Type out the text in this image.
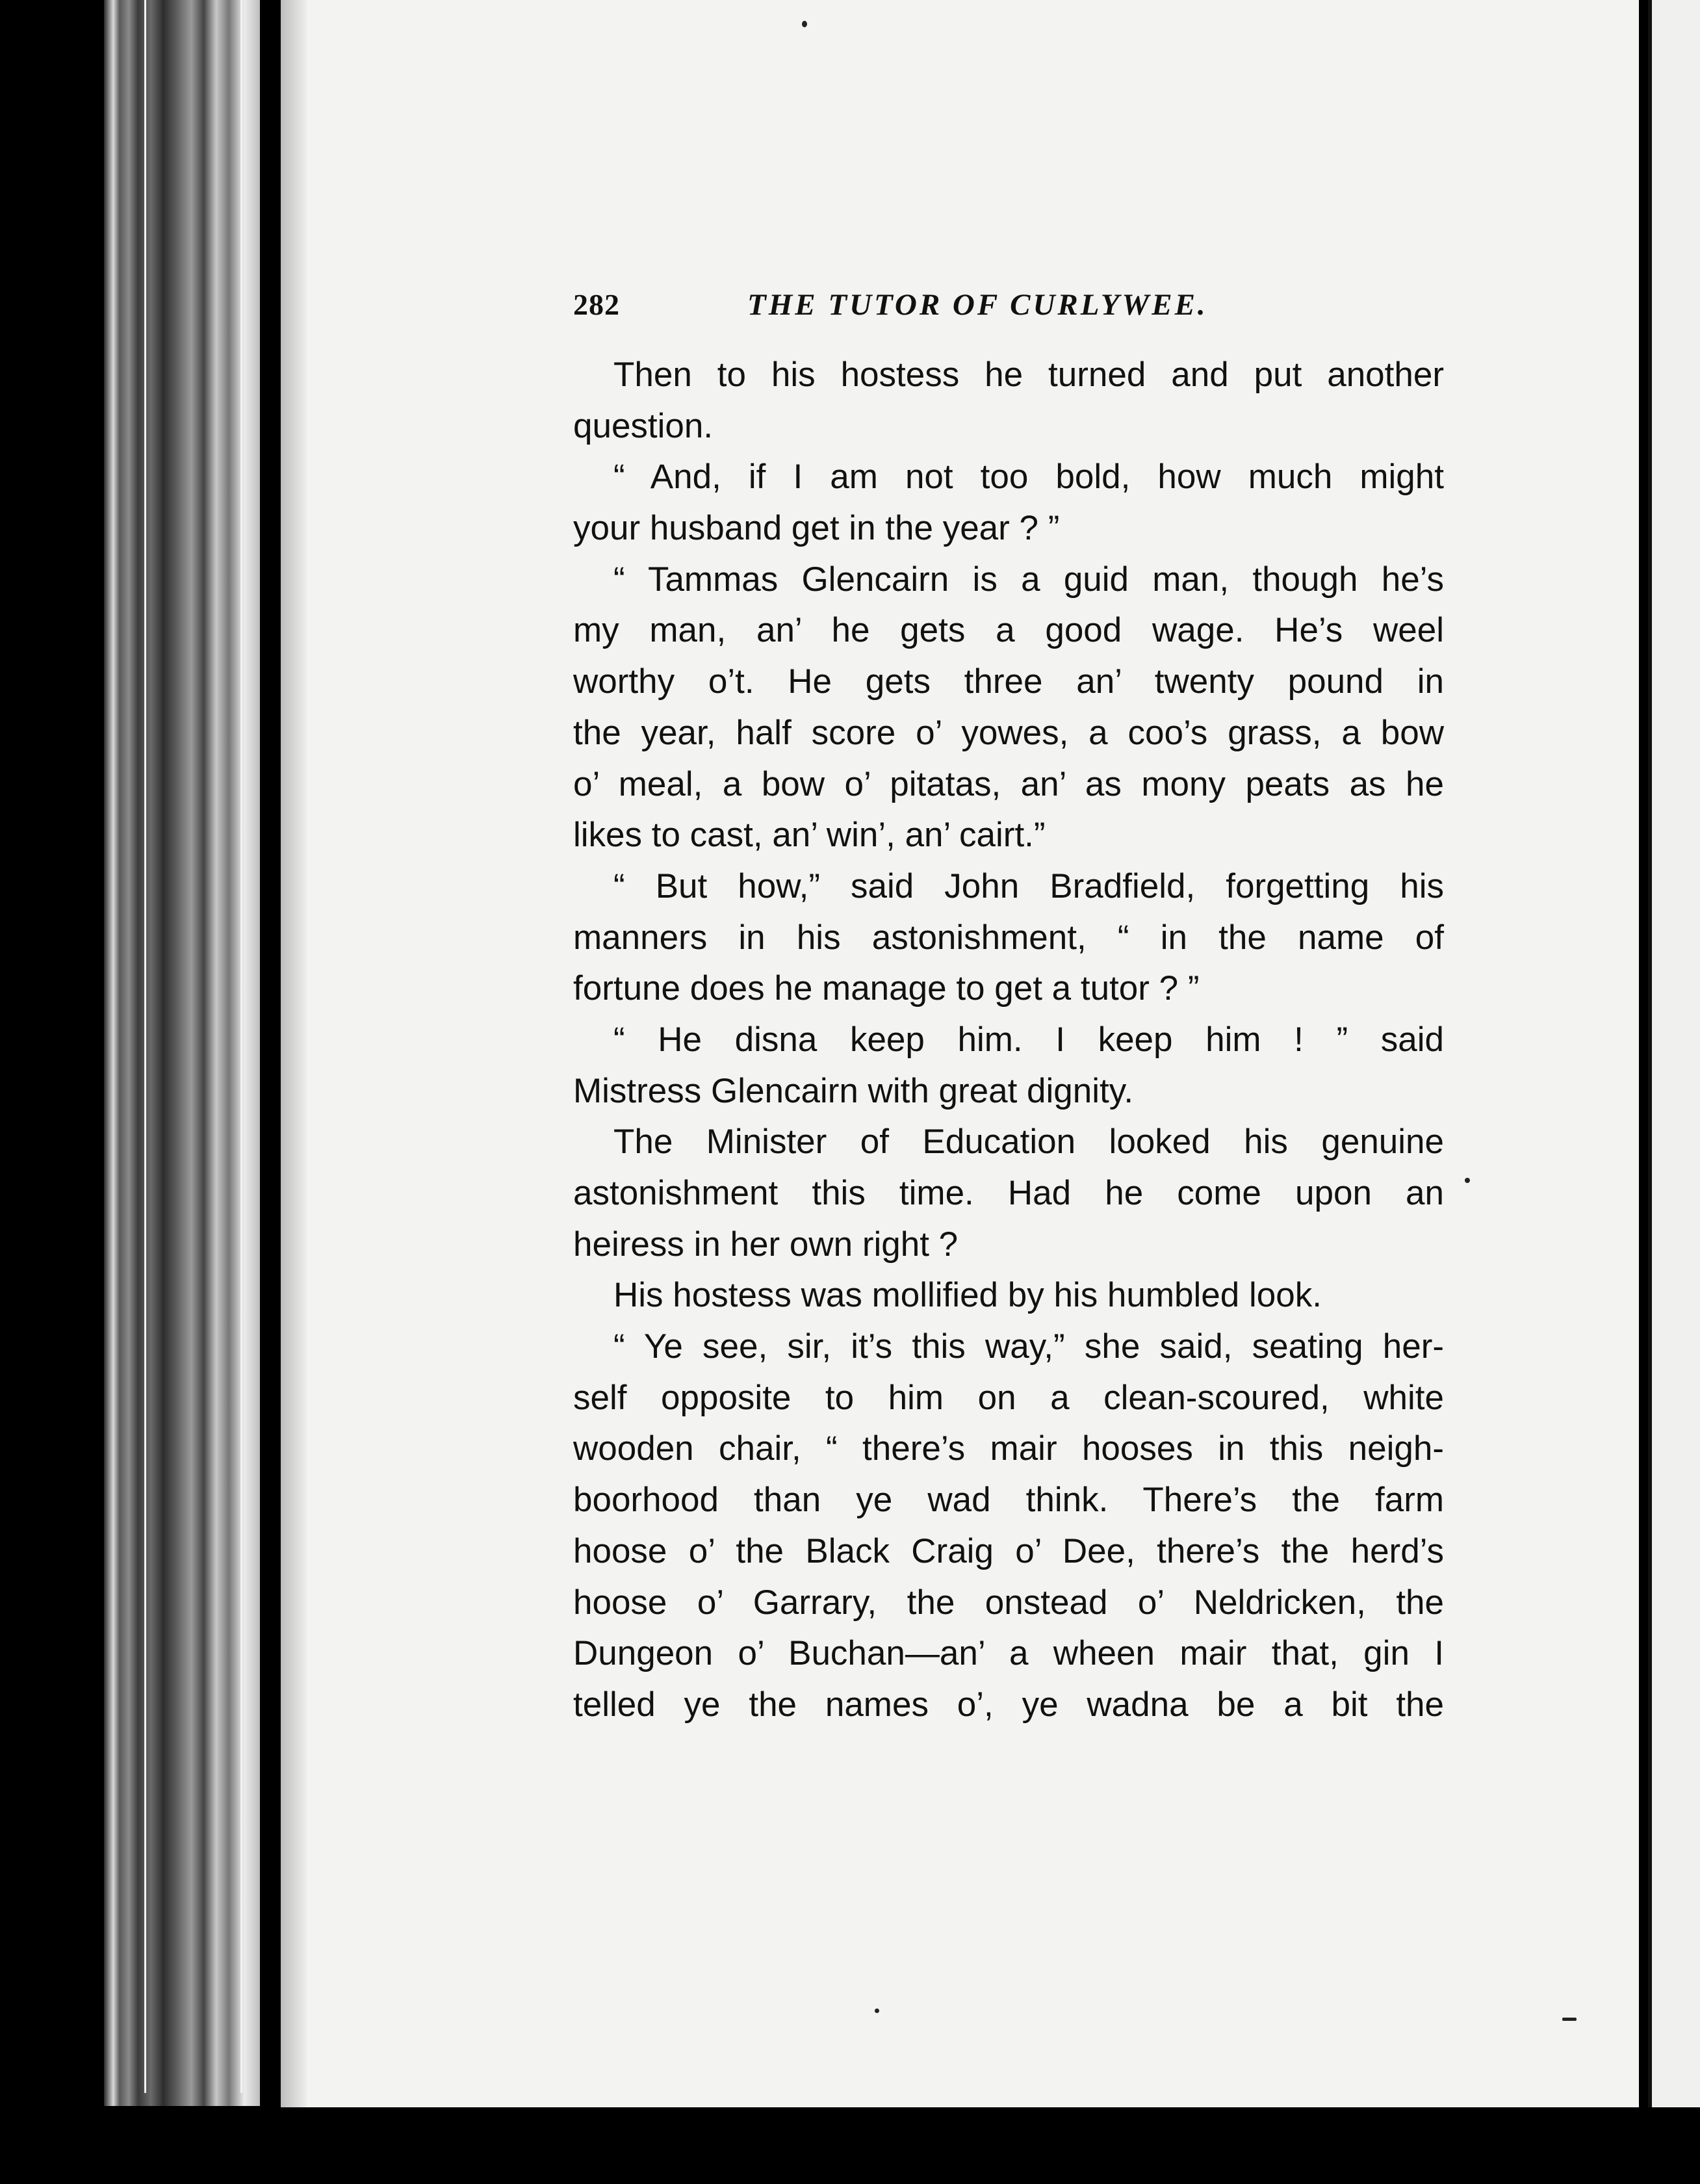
282	THE TUTOR OF CURLYWEE.
Then to his hostess he turned and put another
question.
“ And, if I am not too bold, how much might
your husband get in the year ? ”
“ Tammas Glencairn is a guid man, though he’s
my man, an’ he gets a good wage. He’s weel
worthy o’t. He gets three an’ twenty pound in
the year, half score o’ yowes, a coo’s grass, a bow
o’ meal, a bow o’ pitatas, an’ as mony peats as he
likes to cast, an’ win’, an’ cairt.”
“ But how,” said John Bradfield, forgetting his
manners in his astonishment, “ in the name of
fortune does he manage to get a tutor ? ”
“ He disna keep him. I keep him ! ” said
Mistress Glencairn with great dignity.
The Minister of Education looked his genuine
astonishment this time. Had he come upon an
heiress in her own right ?
His hostess was mollified by his humbled look.
“ Ye see, sir, it’s this way,” she said, seating her-
self opposite to him on a clean-scoured, white
wooden chair, “ there’s mair hooses in this neigh-
boorhood than ye wad think. There’s the farm
hoose o’ the Black Craig o’ Dee, there’s the herd’s
hoose o’ Garrary, the onstead o’ Neldricken, the
Dungeon o’ Buchan—an’ a wheen mair that, gin I
telled ye the names o’, ye wadna be a bit the
